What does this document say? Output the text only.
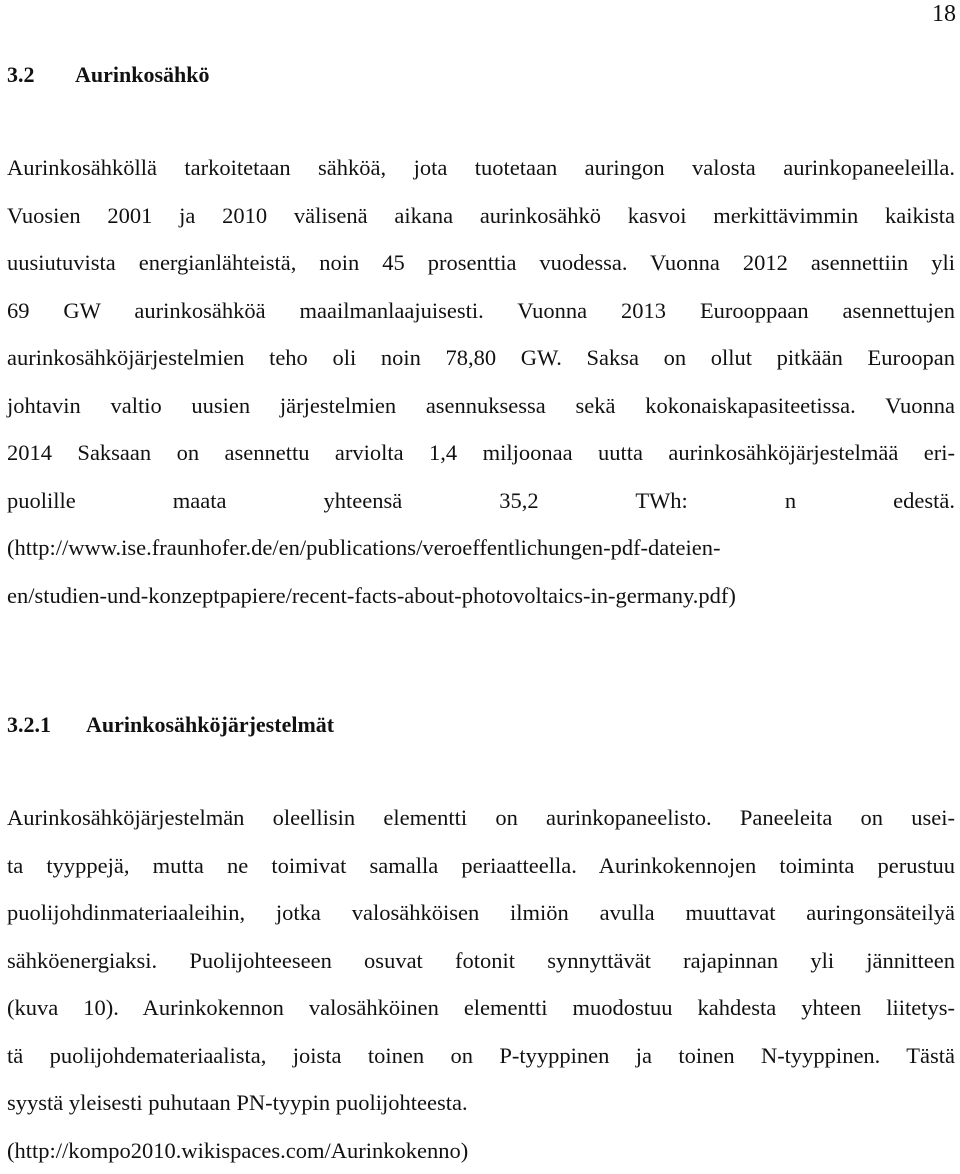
18
3.2 Aurinkosähkö
Aurinkosähköllä tarkoitetaan sähköä, jota tuotetaan auringon valosta aurinkopaneeleilla.
Vuosien 2001 ja 2010 välisenä aikana aurinkosähkö kasvoi merkittävimmin kaikista
uusiutuvista energianlähteistä, noin 45 prosenttia vuodessa. Vuonna 2012 asennettiin yli
69 GW aurinkosähköä maailmanlaajuisesti. Vuonna 2013 Eurooppaan asennettujen
aurinkosähköjärjestelmien teho oli noin 78,80 GW. Saksa on ollut pitkään Euroopan
johtavin valtio uusien järjestelmien asennuksessa sekä kokonaiskapasiteetissa. Vuonna
2014 Saksaan on asennettu arviolta 1,4 miljoonaa uutta aurinkosähköjärjestelmää eri-
puolille maata yhteensä 35,2 TWh: n edestä.
(http://www.ise.fraunhofer.de/en/publications/veroeffentlichungen-pdf-dateien-
en/studien-und-konzeptpapiere/recent-facts-about-photovoltaics-in-germany.pdf)
3.2.1 Aurinkosähköjärjestelmät
Aurinkosähköjärjestelmän oleellisin elementti on aurinkopaneelisto. Paneeleita on usei-
ta tyyppejä, mutta ne toimivat samalla periaatteella. Aurinkokennojen toiminta perustuu
puolijohdinmateriaaleihin, jotka valosähköisen ilmiön avulla muuttavat auringonsäteilyä
sähköenergiaksi. Puolijohteeseen osuvat fotonit synnyttävät rajapinnan yli jännitteen
(kuva 10). Aurinkokennon valosähköinen elementti muodostuu kahdesta yhteen liitetys-
tä puolijohdemateriaalista, joista toinen on P-tyyppinen ja toinen N-tyyppinen. Tästä
syystä yleisesti puhutaan PN-tyypin puolijohteesta.
(http://kompo2010.wikispaces.com/Aurinkokenno)
